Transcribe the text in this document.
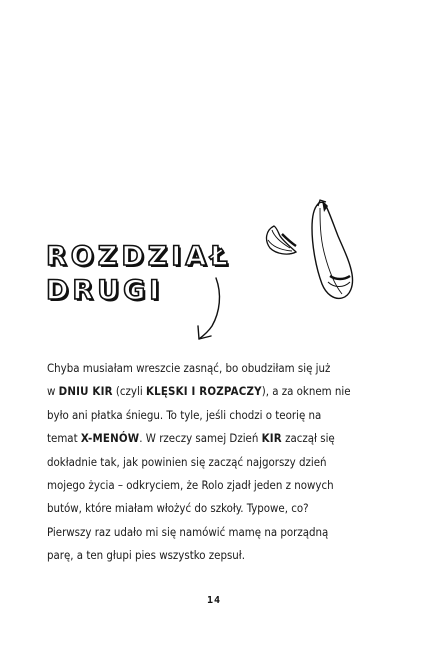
ROZDZIAŁ
DRUGI
Chyba musiałam wreszcie zasnąć, bo obudziłam się już
w DNIU KIR (czyli KLĘSKI I ROZPACZY), a za oknem nie
było ani płatka śniegu. To tyle, jeśli chodzi o teorię na
temat X-MENÓW. W rzeczy samej Dzień KIR zaczął się
dokładnie tak, jak powinien się zacząć najgorszy dzień
mojego życia – odkryciem, że Rolo zjadł jeden z nowych
butów, które miałam włożyć do szkoły. Typowe, co?
Pierwszy raz udało mi się namówić mamę na porządną
parę, a ten głupi pies wszystko zepsuł.
14
